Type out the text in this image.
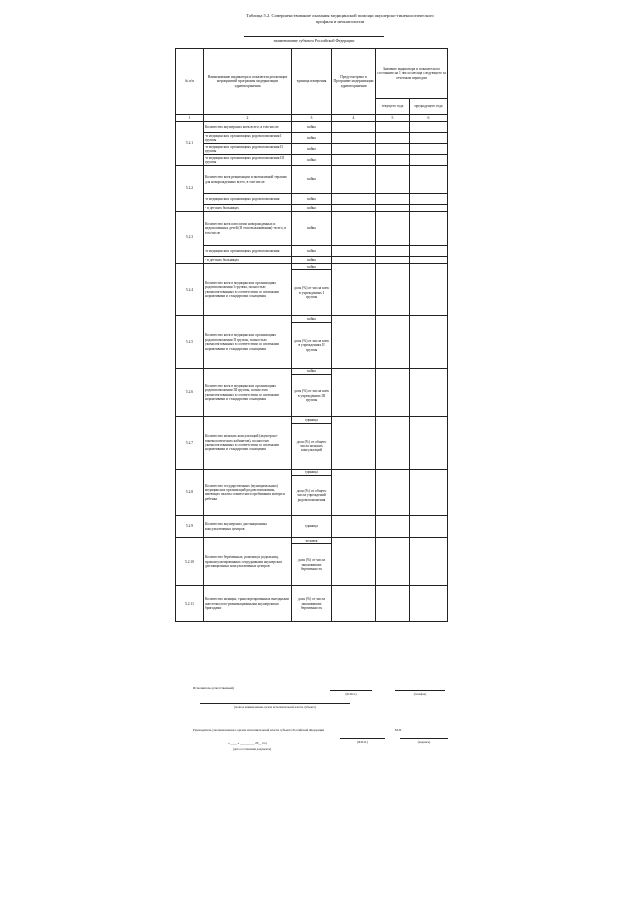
Таблица 5.2. Совершенствование оказания медицинской помощи акушерско-гинекологического
профиля и неонатологии
наименование субъекта Российской Федерации
№ п/п	Наименование индикатора и показателя реализации мероприятий программы модернизации здравоохранения	единица измерения	Предусмотрено в Программе модернизации здравоохранения	Значение индикатора и показателя по состоянию на 1 число месяца следующего за отчетным периодом	
				текущего года	предыдущего года
1	2	3	4	5	6
5.2.1	Количество акушерских коек всего, в том числе:	койка			
	-в медицинских организациях родовспоможения I группы	койка			
	-в медицинских организациях родовспоможения II группы	койка			
	-в медицинских организациях родовспоможения III группы	койка			
5.2.2	Количество коек реанимации и интенсивной терапии для новорожденных всего, в том числе:	койка			
	-в медицинских организациях родовспоможения	койка			
	- в детских больницах	койка			
5.2.3	Количество коек патологии новорожденных и недоношенных детей (II этап выхаживания) -всего, в том числе	койка			
	-в медицинских организациях родовспоможения	койка			
	- в детских больницах	койка			
5.2.4	Количество коек в медицинских организациях родовспоможения I группы, полностью укомплектованных в соответствии со штатными нормативами и стандартами оснащения	койка			
		доля (%) от числа коек в учреждениях I группы			
5.2.5	Количество коек в медицинских организациях родовспоможения II группы, полностью укомплектованных в соответствии со штатными нормативами и стандартами оснащения	койка			
		доля (%) от числа коек в учреждениях II группы			
5.2.6	Количество коек в медицинских организациях родовспоможения III группы, полностью укомплектованных в соответствии со штатными нормативами и стандартами оснащения	койка			
		доля (%) от числа коек в учреждениях III группы			
5.2.7	Количество женских консультаций (акушерско-гинекологических кабинетов), полностью укомплектованных в соответствии со штатными нормативами и стандартами оснащения	единица			
		доля (%) от общего числа женских консультаций			
5.2.8	Количество государственных (муниципальных) медицинских организаций родовспоможения, имеющих палаты совместного пребывания матери и ребенка	единица			
		доля (%) от общего числа учреждений родовспоможения			
5.2.9	Количество акушерских дистанционных консультативных центров	единица			
5.2.10	Количество беременных, рожениц и родильниц, проконсультированных сотрудниками акушерских дистанционных консультативных центров	человек			
		доля (%) от числа закончивших беременность			
5.2.11	Количество женщин, транспортированных выездными анестезиолого-реанимационными акушерскими бригадами	доля (%) от числа закончивших беременность			
Исполнитель (ответственный)
(Ф.И.О.)	(телефон)
(полное наименование органа исполнительной власти субъекта)
Руководитель уполномоченного органа исполнительной власти субъекта Российской Федерации	М.П.
(Ф.И.О.)	(подпись)
« ____ » _________ 20__ год
(дата составления документа)
